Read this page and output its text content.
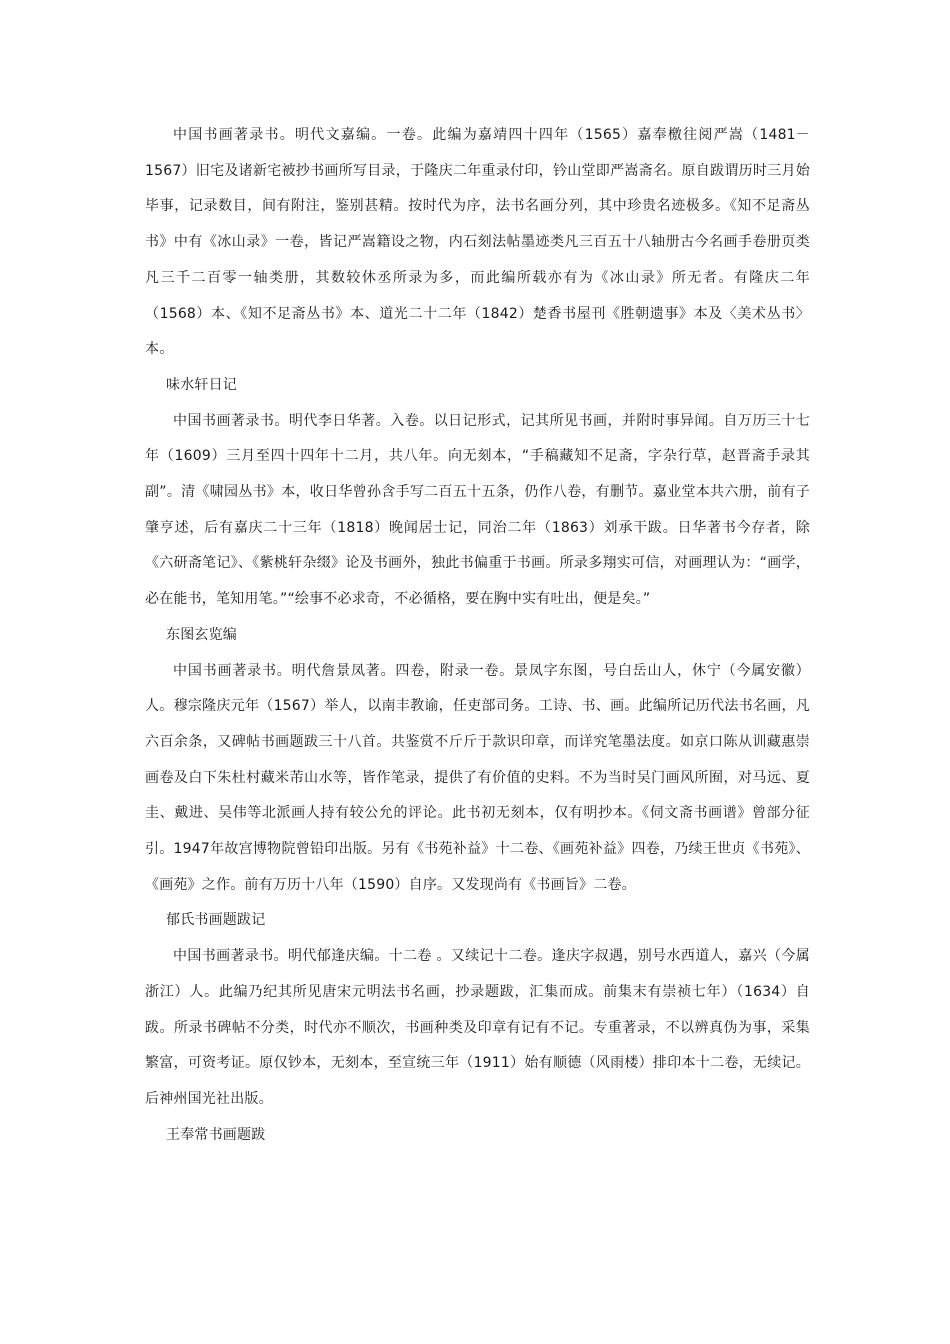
中国书画著录书。明代文嘉编。一卷。此编为嘉靖四十四年（1565）嘉奉檄往阅严嵩（1481－1567）旧宅及诸新宅被抄书画所写目录，于隆庆二年重录付印，钤山堂即严嵩斋名。原自跋谓历时三月始毕事，记录数目，间有附注，鉴别甚精。按时代为序，法书名画分列，其中珍贵名迹极多。《知不足斋丛书》中有《冰山录》一卷，皆记严嵩籍设之物，内石刻法帖墨迹类凡三百五十八轴册古今名画手卷册页类凡三千二百零一轴类册，其数较休丞所录为多，而此编所载亦有为《冰山录》所无者。有隆庆二年（1568）本、《知不足斋丛书》本、道光二十二年（1842）楚香书屋刊《胜朝遗事》本及〈美术丛书〉本。

味水轩日记

中国书画著录书。明代李日华著。入卷。以日记形式，记其所见书画，并附时事异闻。自万历三十七年（1609）三月至四十四年十二月，共八年。向无刻本，“手稿藏知不足斋，字杂行草，赵晋斋手录其副”。清《啸园丛书》本，收日华曾孙含手写二百五十五条，仍作八卷，有删节。嘉业堂本共六册，前有子肇亨述，后有嘉庆二十三年（1818）晚闻居士记，同治二年（1863）刘承干跋。日华著书今存者，除《六研斋笔记》、《紫桃轩杂缀》论及书画外，独此书偏重于书画。所录多翔实可信，对画理认为：“画学，必在能书，笔知用笔。”“绘事不必求奇，不必循格，要在胸中实有吐出，便是矣。”

东图玄览编

中国书画著录书。明代詹景凤著。四卷，附录一卷。景凤字东图，号白岳山人，休宁（今属安徽）人。穆宗隆庆元年（1567）举人，以南丰教谕，任吏部司务。工诗、书、画。此编所记历代法书名画，凡六百余条，又碑帖书画题跋三十八首。共鉴赏不斤斤于款识印章，而详究笔墨法度。如京口陈从训藏惠崇画卷及白下朱杜村藏米芾山水等，皆作笔录，提供了有价值的史料。不为当时吴门画风所囿，对马远、夏圭、戴进、吴伟等北派画人持有较公允的评论。此书初无刻本，仅有明抄本。《伺文斋书画谱》曾部分征引。1947年故宫博物院曾铅印出版。另有《书苑补益》十二卷、《画苑补益》四卷，乃续王世贞《书苑》、《画苑》之作。前有万历十八年（1590）自序。又发现尚有《书画旨》二卷。

郁氏书画题跋记

中国书画著录书。明代郁逢庆编。十二卷 。又续记十二卷。逢庆字叔遇，别号水西道人，嘉兴（今属浙江）人。此编乃纪其所见唐宋元明法书名画，抄录题跋，汇集而成。前集末有崇祯七年）（1634）自跋。所录书碑帖不分类，时代亦不顺次，书画种类及印章有记有不记。专重著录，不以辨真伪为事，采集繁富，可资考证。原仅钞本，无刻本，至宣统三年（1911）始有顺德（风雨楼）排印本十二卷，无续记。后神州国光社出版。

王奉常书画题跋
